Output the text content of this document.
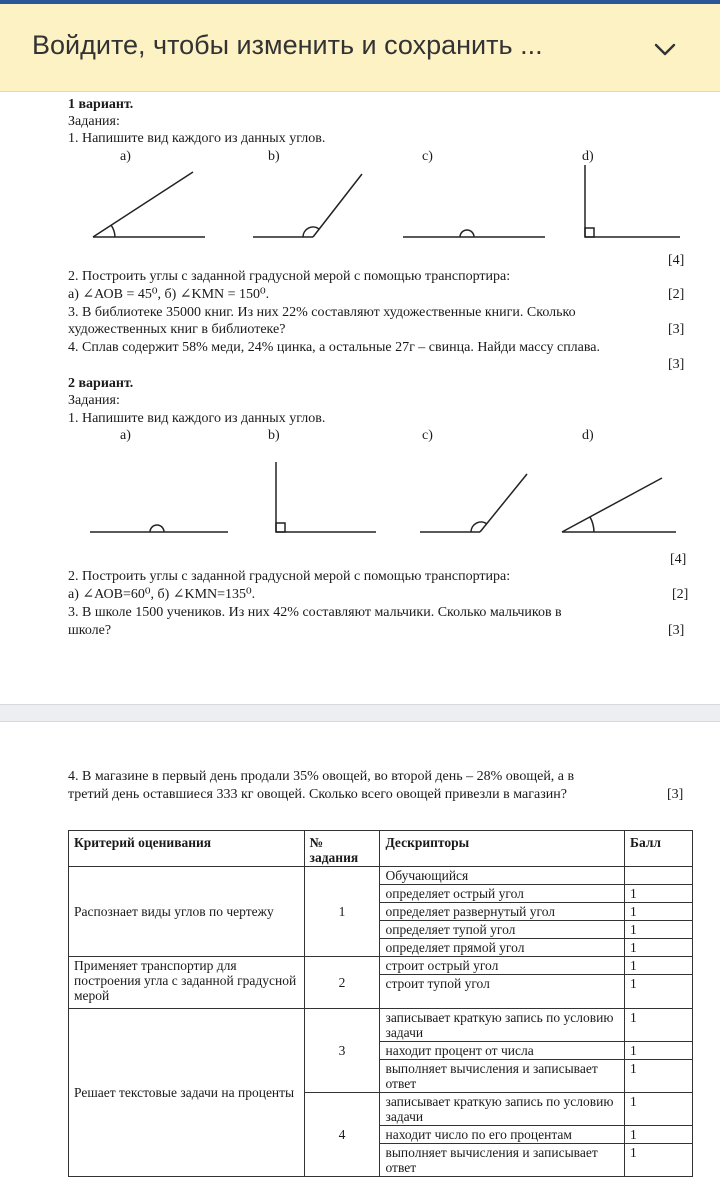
Войдите, чтобы изменить и сохранить ...
1 вариант.
Задания:
1. Напишите вид каждого из данных углов.
a)	b)	c)	d)
[4]
2. Построить углы с заданной градусной мерой с помощью транспортира:
а) ∠АОВ = 45⁰, б) ∠KMN = 150⁰.	[2]
3. В библиотеке 35000 книг. Из них 22% составляют художественные книги. Сколько
художественных книг в библиотеке?	[3]
4. Сплав содержит 58% меди, 24% цинка, а остальные 27г – свинца. Найди массу сплава.
[3]
2 вариант.
Задания:
1. Напишите вид каждого из данных углов.
a)	b)	c)	d)
[4]
2. Построить углы с заданной градусной мерой с помощью транспортира:
а) ∠АОВ=60⁰, б) ∠KMN=135⁰.	[2]
3. В школе 1500 учеников. Из них 42% составляют мальчики. Сколько мальчиков в
школе?	[3]
4. В магазине в первый день продали 35% овощей, во второй день – 28% овощей, а в
третий день оставшиеся 333 кг овощей. Сколько всего овощей привезли в магазин?	[3]
Критерий оценивания	№ задания	Дескрипторы	Балл
Распознает виды углов по чертежу	1	Обучающийся	
		определяет острый угол	1
		определяет развернутый угол	1
		определяет тупой угол	1
		определяет прямой угол	1
Применяет транспортир для построения угла с заданной градусной мерой	2	строит острый угол	1
		строит тупой угол	1
Решает текстовые задачи на проценты	3	записывает краткую запись по условию задачи	1
		находит процент от числа	1
		выполняет вычисления и записывает ответ	1
	4	записывает краткую запись по условию задачи	1
		находит число по его процентам	1
		выполняет вычисления и записывает ответ	1
